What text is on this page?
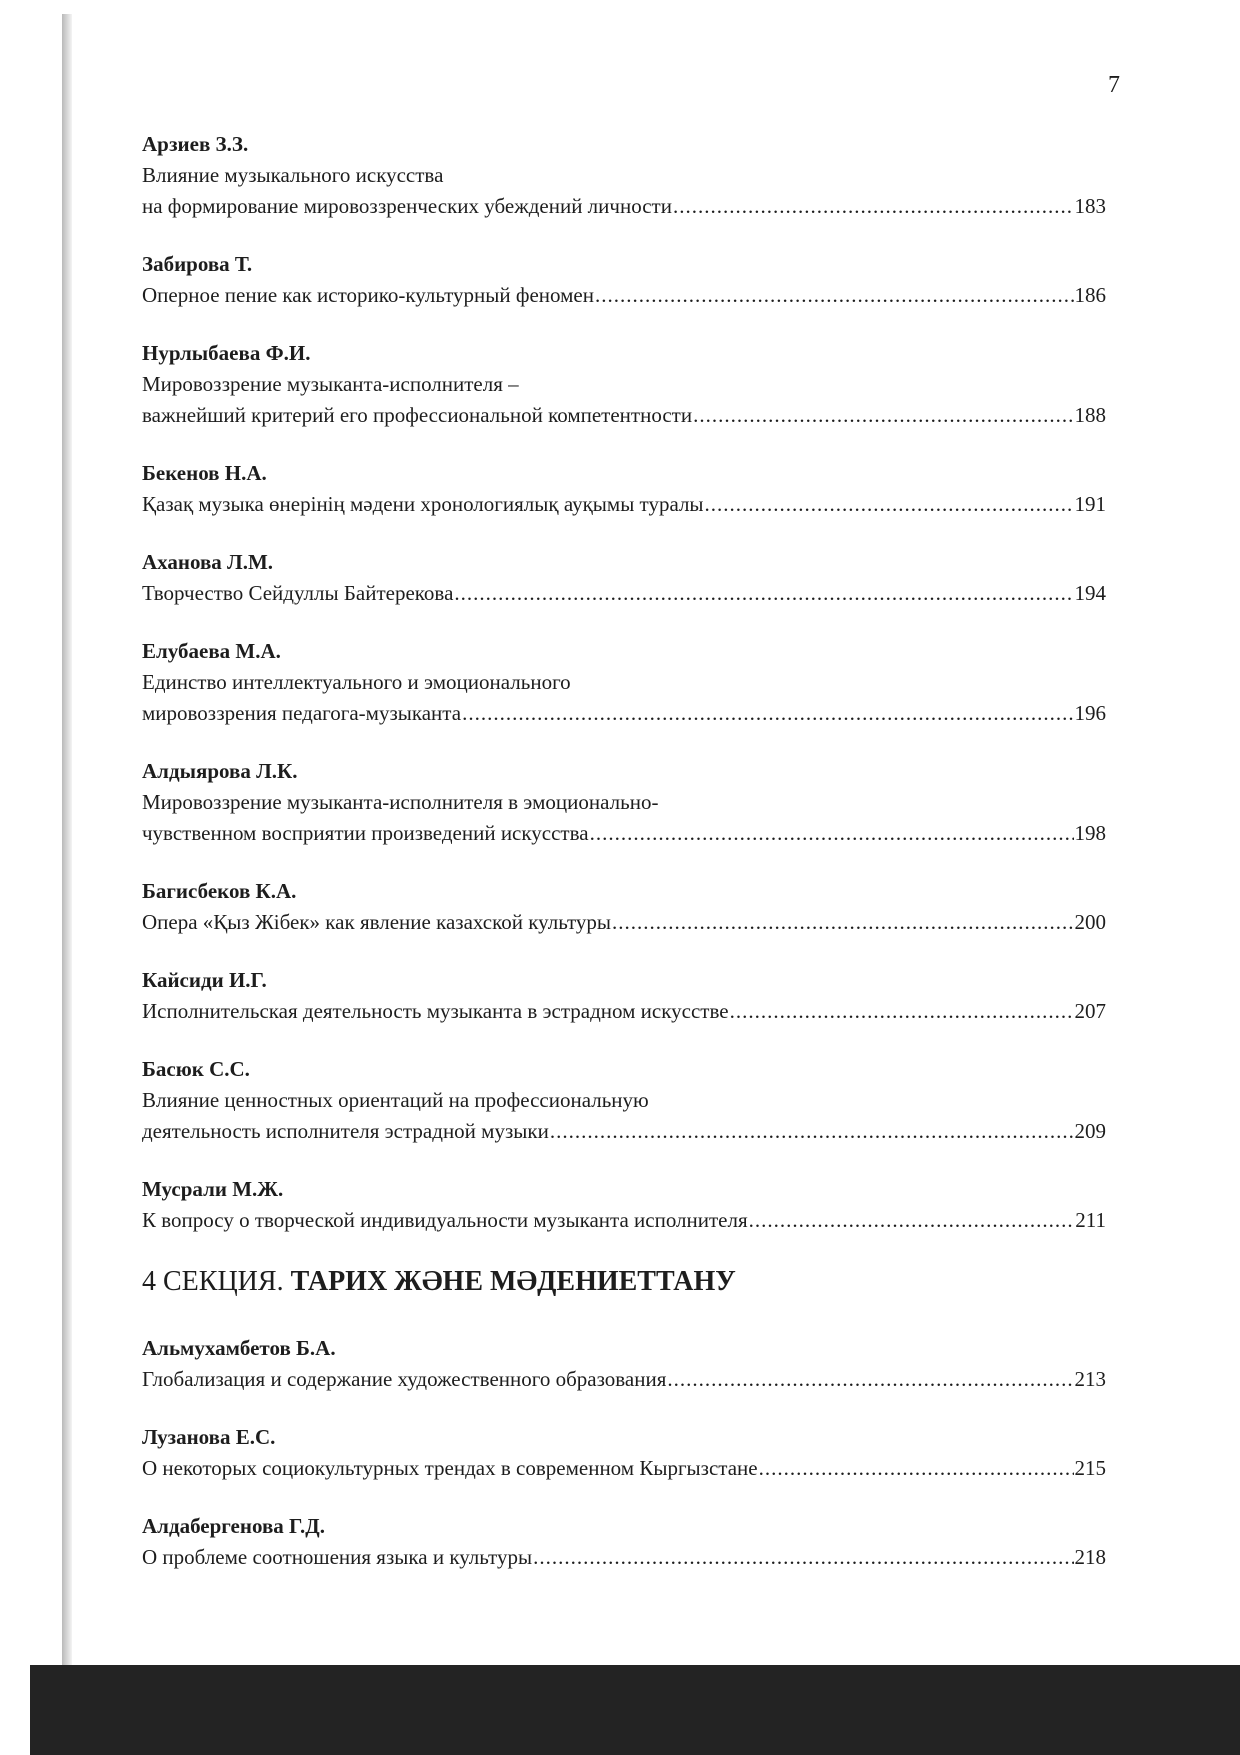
7
Арзиев З.З.
Влияние музыкального искусства
на формирование мировоззренческих убеждений личности .....	183
Забирова Т.
Оперное пение как историко-культурный феномен .....	186
Нурлыбаева Ф.И.
Мировоззрение музыканта-исполнителя –
важнейший критерий его профессиональной компетентности .....	188
Бекенов Н.А.
Қазақ музыка өнерінің мәдени хронологиялық ауқымы туралы .....	191
Аханова Л.М.
Творчество Сейдуллы Байтерекова .....	194
Елубаева М.А.
Единство интеллектуального и эмоционального
мировоззрения педагога-музыканта .....	196
Алдыярова Л.К.
Мировоззрение музыканта-исполнителя в эмоционально-
чувственном восприятии произведений искусства .....	198
Багисбеков К.А.
Опера «Қыз Жібек» как явление казахской культуры .....	200
Кайсиди И.Г.
Исполнительская деятельность музыканта в эстрадном искусстве .....	207
Басюк С.С.
Влияние ценностных ориентаций на профессиональную
деятельность исполнителя эстрадной музыки .....	209
Мусрали М.Ж.
К вопросу о творческой индивидуальности музыканта исполнителя .....	211
4 СЕКЦИЯ. ТАРИХ ЖӘНЕ МӘДЕНИЕТТАНУ
Альмухамбетов Б.А.
Глобализация и содержание художественного образования .....	213
Лузанова Е.С.
О некоторых социокультурных трендах в современном Кыргызстане .....	215
Алдабергенова Г.Д.
О проблеме соотношения языка и культуры .....	218
